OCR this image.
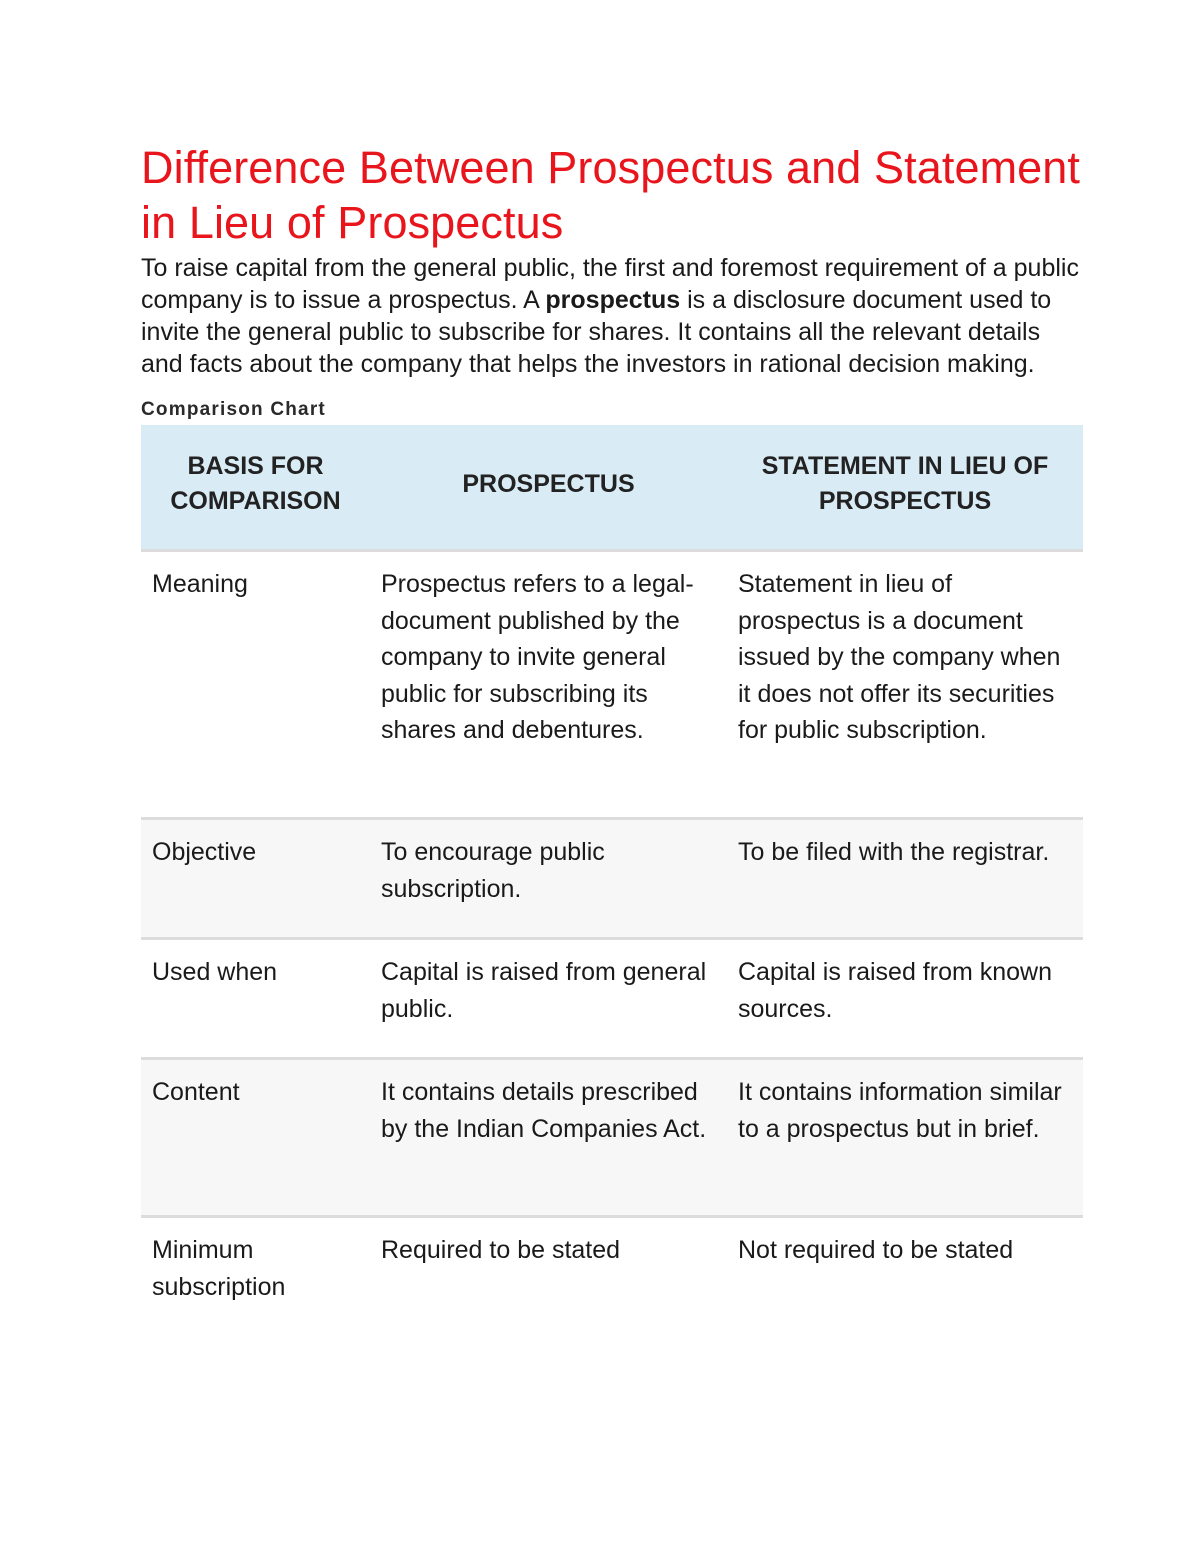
Difference Between Prospectus and Statement in Lieu of Prospectus

To raise capital from the general public, the first and foremost requirement of a public company is to issue a prospectus. A prospectus is a disclosure document used to invite the general public to subscribe for shares. It contains all the relevant details and facts about the company that helps the investors in rational decision making.

Comparison Chart
BASIS FOR COMPARISON	PROSPECTUS	STATEMENT IN LIEU OF PROSPECTUS
Meaning	Prospectus refers to a legal-document published by the company to invite general public for subscribing its shares and debentures.	Statement in lieu of prospectus is a document issued by the company when it does not offer its securities for public subscription.
Objective	To encourage public subscription.	To be filed with the registrar.
Used when	Capital is raised from general public.	Capital is raised from known sources.
Content	It contains details prescribed by the Indian Companies Act.	It contains information similar to a prospectus but in brief.
Minimum subscription	Required to be stated	Not required to be stated
